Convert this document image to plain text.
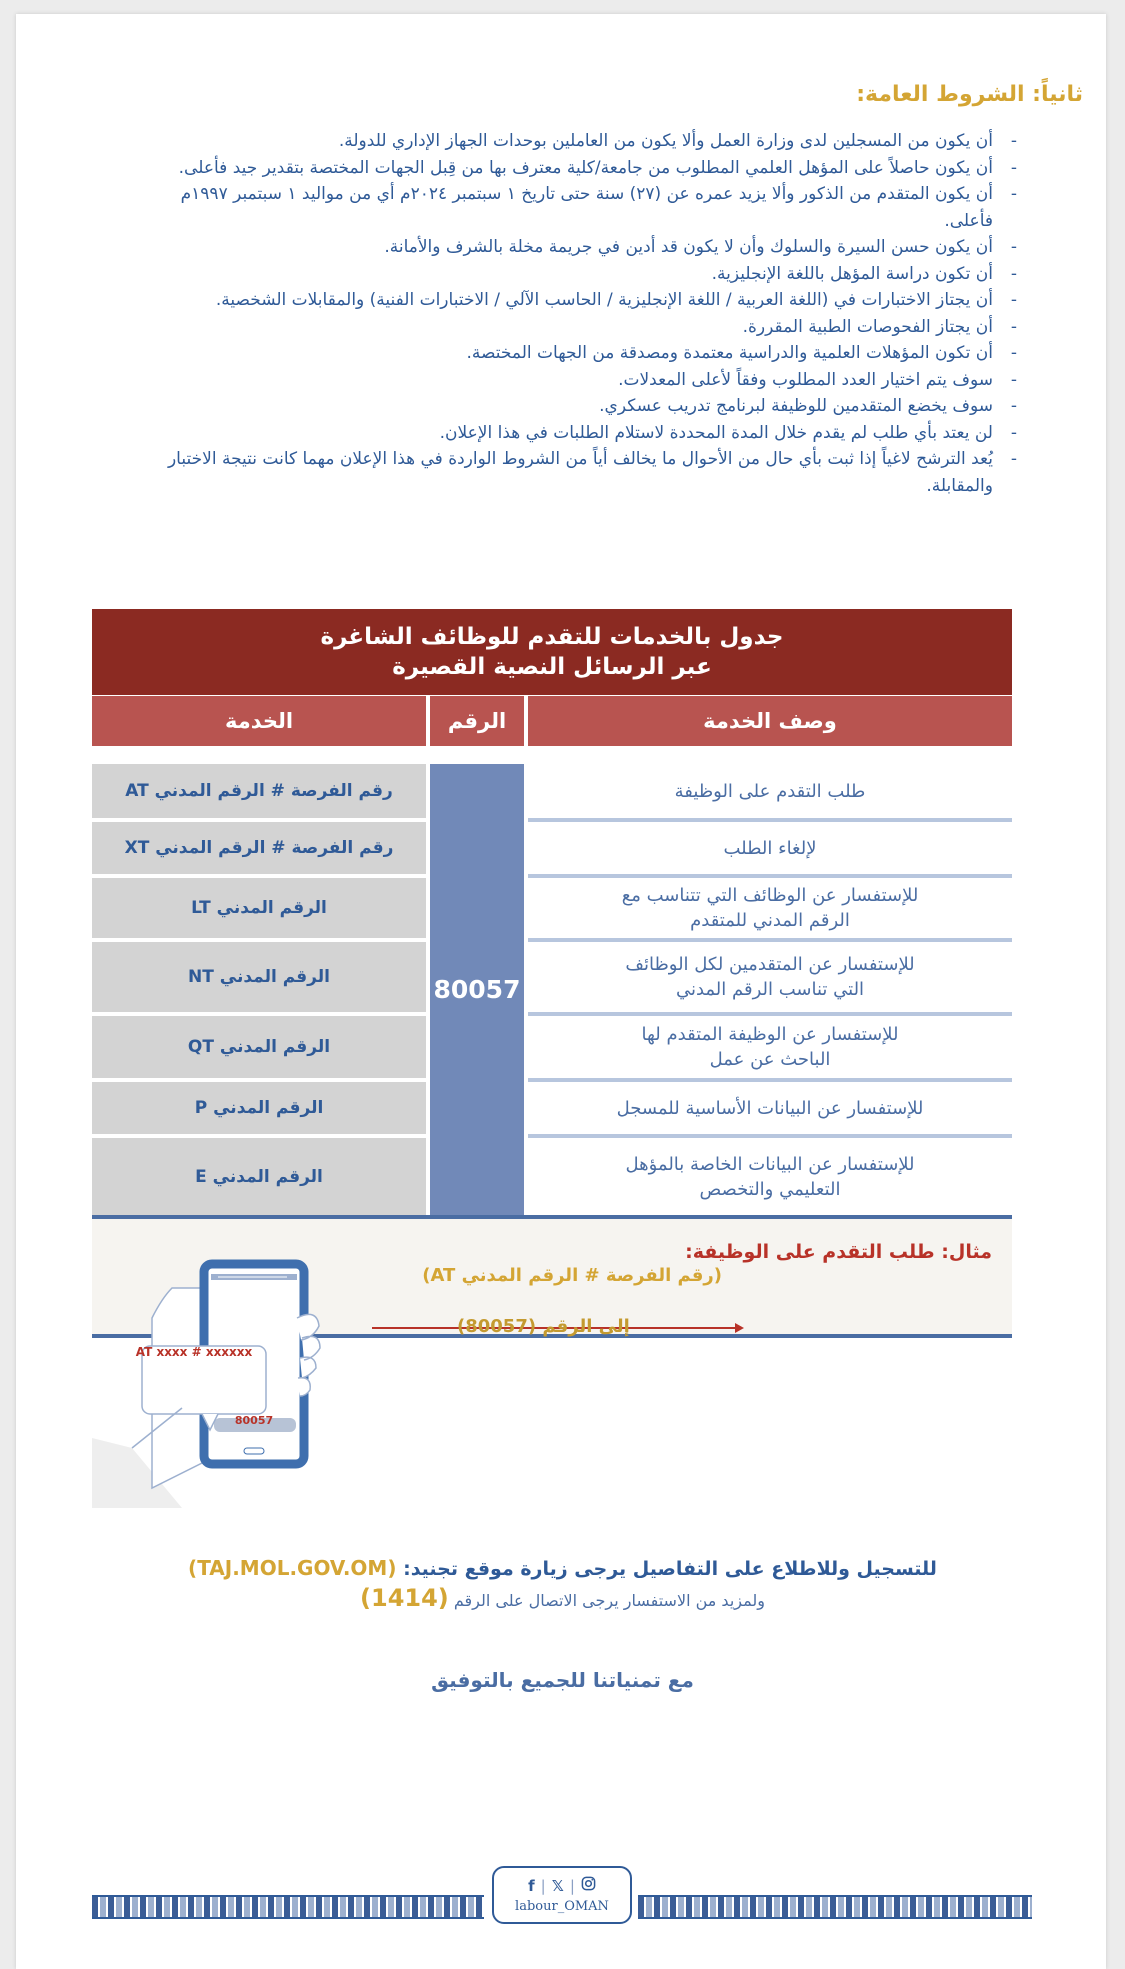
ثانياً: الشروط العامة:
- أن يكون من المسجلين لدى وزارة العمل وألا يكون من العاملين بوحدات الجهاز الإداري للدولة.
- أن يكون حاصلاً على المؤهل العلمي المطلوب من جامعة/كلية معترف بها من قِبل الجهات المختصة بتقدير جيد فأعلى.
- أن يكون المتقدم من الذكور وألا يزيد عمره عن (٢٧) سنة حتى تاريخ ١ سبتمبر ٢٠٢٤م أي من مواليد ١ سبتمبر ١٩٩٧م فأعلى.
- أن يكون حسن السيرة والسلوك وأن لا يكون قد أدين في جريمة مخلة بالشرف والأمانة.
- أن تكون دراسة المؤهل باللغة الإنجليزية.
- أن يجتاز الاختبارات في (اللغة العربية / اللغة الإنجليزية / الحاسب الآلي / الاختبارات الفنية) والمقابلات الشخصية.
- أن يجتاز الفحوصات الطبية المقررة.
- أن تكون المؤهلات العلمية والدراسية معتمدة ومصدقة من الجهات المختصة.
- سوف يتم اختيار العدد المطلوب وفقاً لأعلى المعدلات.
- سوف يخضع المتقدمين للوظيفة لبرنامج تدريب عسكري.
- لن يعتد بأي طلب لم يقدم خلال المدة المحددة لاستلام الطلبات في هذا الإعلان.
- يُعد الترشح لاغياً إذا ثبت بأي حال من الأحوال ما يخالف أياً من الشروط الواردة في هذا الإعلان مهما كانت نتيجة الاختبار والمقابلة.
جدول بالخدمات للتقدم للوظائف الشاغرة
عبر الرسائل النصية القصيرة
الخدمة	الرقم	وصف الخدمة
رقم الفرصة # الرقم المدني AT
رقم الفرصة # الرقم المدني XT
الرقم المدني LT
الرقم المدني NT
الرقم المدني QT
الرقم المدني P
الرقم المدني E
80057
طلب التقدم على الوظيفة
لإلغاء الطلب
للإستفسار عن الوظائف التي تتناسب مع الرقم المدني للمتقدم
للإستفسار عن المتقدمين لكل الوظائف التي تناسب الرقم المدني
للإستفسار عن الوظيفة المتقدم لها الباحث عن عمل
للإستفسار عن البيانات الأساسية للمسجل
للإستفسار عن البيانات الخاصة بالمؤهل التعليمي والتخصص
مثال: طلب التقدم على الوظيفة:
(رقم الفرصة # الرقم المدني AT)
إلى الرقم (80057)
AT xxxx # xxxxxx
80057
للتسجيل وللاطلاع على التفاصيل يرجى زيارة موقع تجنيد: (TAJ.MOL.GOV.OM)
ولمزيد من الاستفسار يرجى الاتصال على الرقم (1414)
مع تمنياتنا للجميع بالتوفيق
f | 𝕏 |
labour_OMAN
